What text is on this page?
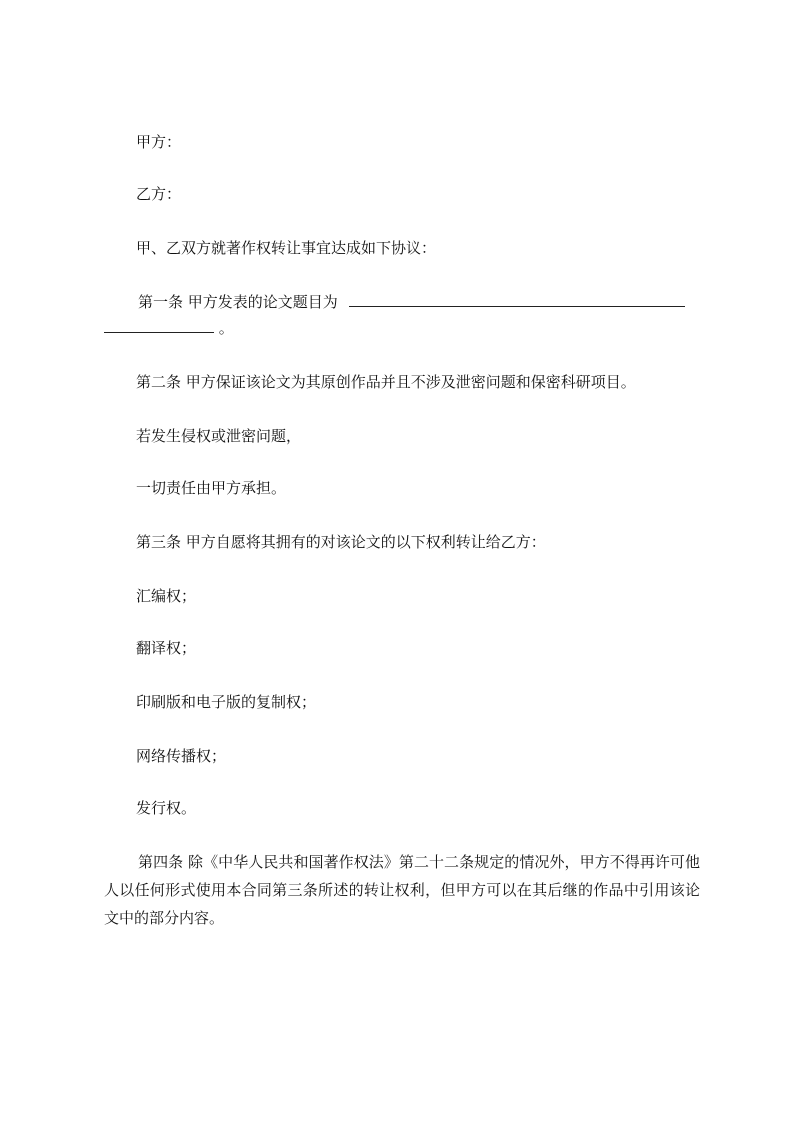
甲方：
乙方：
甲、乙双方就著作权转让事宜达成如下协议：
第一条 甲方发表的论文题目为
。
第二条 甲方保证该论文为其原创作品并且不涉及泄密问题和保密科研项目。
若发生侵权或泄密问题，
一切责任由甲方承担。
第三条 甲方自愿将其拥有的对该论文的以下权利转让给乙方：
汇编权；
翻译权；
印刷版和电子版的复制权；
网络传播权；
发行权。
第四条 除《中华人民共和国著作权法》第二十二条规定的情况外，甲方不得再许可他人以任何形式使用本合同第三条所述的转让权利，但甲方可以在其后继的作品中引用该论文中的部分内容。
